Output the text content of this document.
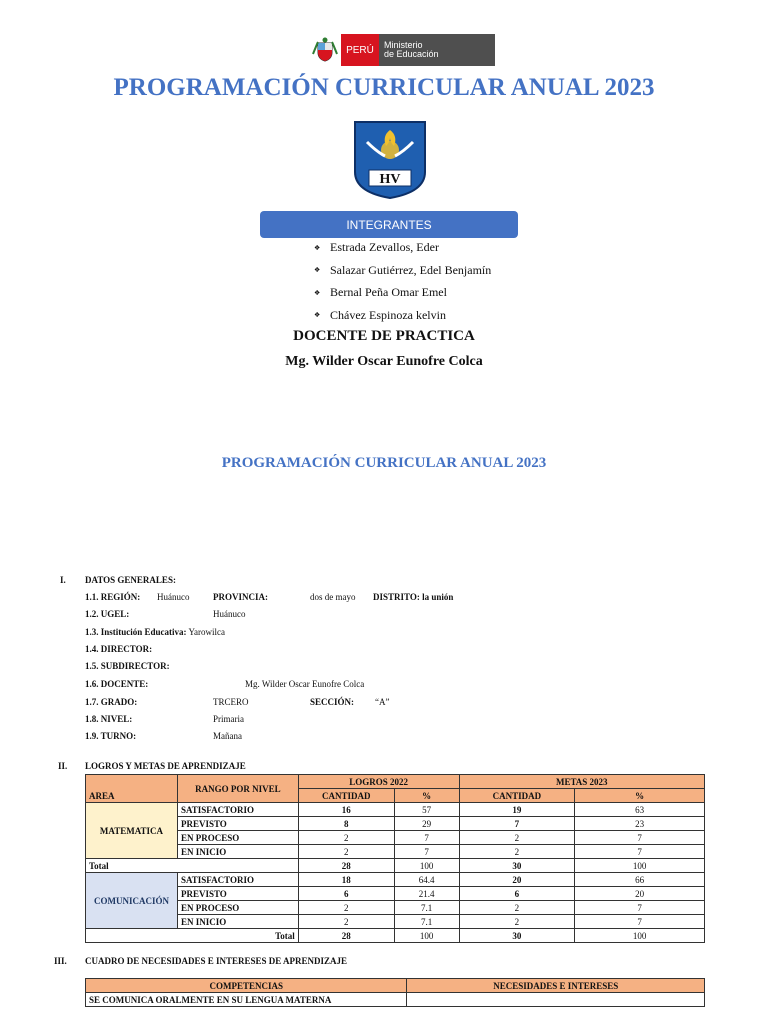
PERÚ	Ministerio
de Educación
PROGRAMACIÓN CURRICULAR ANUAL 2023
HV
INTEGRANTES
❖ Estrada Zevallos, Eder
❖ Salazar Gutiérrez, Edel Benjamín
❖ Bernal Peña Omar Emel
❖ Chávez Espinoza kelvin
DOCENTE DE PRACTICA
Mg. Wilder Oscar Eunofre Colca
PROGRAMACIÓN CURRICULAR ANUAL 2023
I. DATOS GENERALES:
1.1. REGIÓN: Huánuco	PROVINCIA:	dos de mayo DISTRITO: la unión
1.2. UGEL:	Huánuco
1.3. Institución Educativa: Yarowilca
1.4. DIRECTOR:
1.5. SUBDIRECTOR:
1.6. DOCENTE:	Mg. Wilder Oscar Eunofre Colca
1.7. GRADO:	TRCERO	SECCIÓN: “A”
1.8. NIVEL:	Primaria
1.9. TURNO:	Mañana
II. LOGROS Y METAS DE APRENDIZAJE
AREA	RANGO POR NIVEL	LOGROS 2022		METAS 2023	
		CANTIDAD	%	CANTIDAD	%
MATEMATICA	SATISFACTORIO	16	57	19	63
	PREVISTO	8	29	7	23
	EN PROCESO	2	7	2	7
	EN INICIO	2	7	2	7
Total		28	100	30	100
COMUNICACIÓN	SATISFACTORIO	18	64.4	20	66
	PREVISTO	6	21.4	6	20
	EN PROCESO	2	7.1	2	7
	EN INICIO	2	7.1	2	7
Total		28	100	30	100
III. CUADRO DE NECESIDADES E INTERESES DE APRENDIZAJE
COMPETENCIAS	NECESIDADES E INTERESES
SE COMUNICA ORALMENTE EN SU LENGUA MATERNA	
